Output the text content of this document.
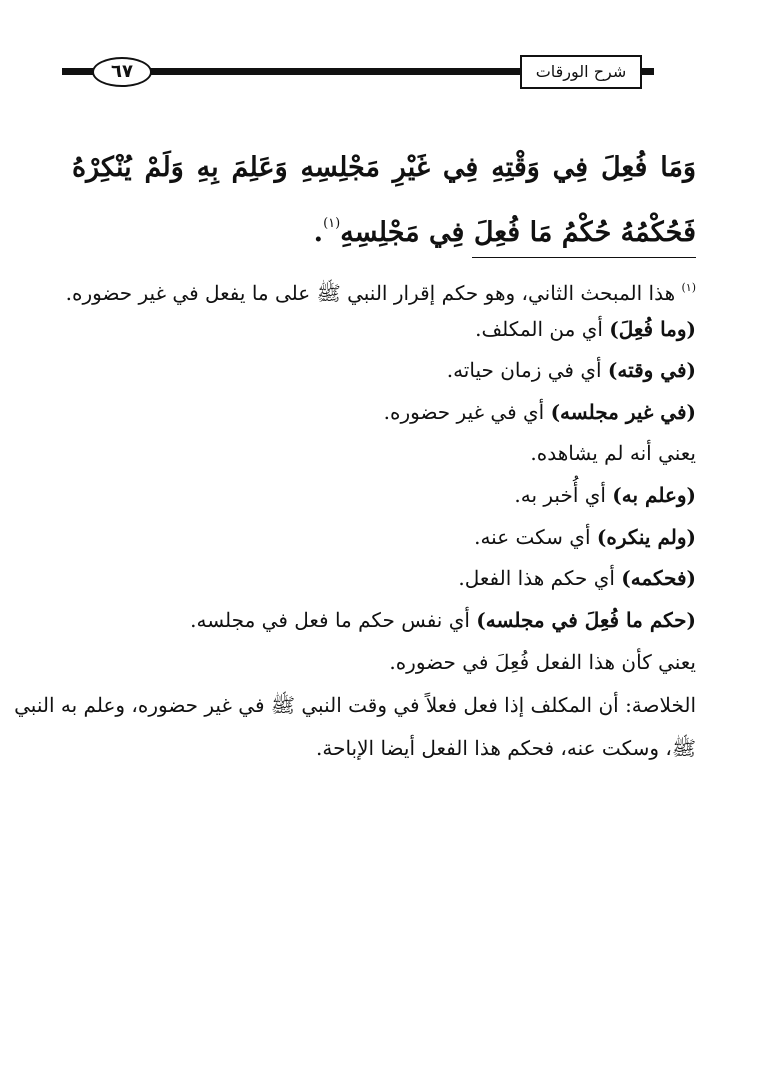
٦٧	شرح الورقات

وَمَا فُعِلَ فِي وَقْتِهِ فِي غَيْرِ مَجْلِسِهِ وَعَلِمَ بِهِ وَلَمْ يُنْكِرْهُ فَحُكْمُهُ حُكْمُ مَا فُعِلَ فِي مَجْلِسِهِ$^{(١)}$.

$^{(١)}$ هذا المبحث الثاني، وهو حكم إقرار النبي ﷺ على ما يفعل في غير حضوره.

(وما فُعِلَ) أي من المكلف.

(في وقته) أي في زمان حياته.

(في غير مجلسه) أي في غير حضوره.

يعني أنه لم يشاهده.

(وعلم به) أي أُخبر به.

(ولم ينكره) أي سكت عنه.

(فحكمه) أي حكم هذا الفعل.

(حكم ما فُعِلَ في مجلسه) أي نفس حكم ما فعل في مجلسه.

يعني كأن هذا الفعل فُعِلَ في حضوره.

الخلاصة: أن المكلف إذا فعل فعلاً في وقت النبي ﷺ في غير حضوره، وعلم به النبي

ﷺ، وسكت عنه، فحكم هذا الفعل أيضا الإباحة.
